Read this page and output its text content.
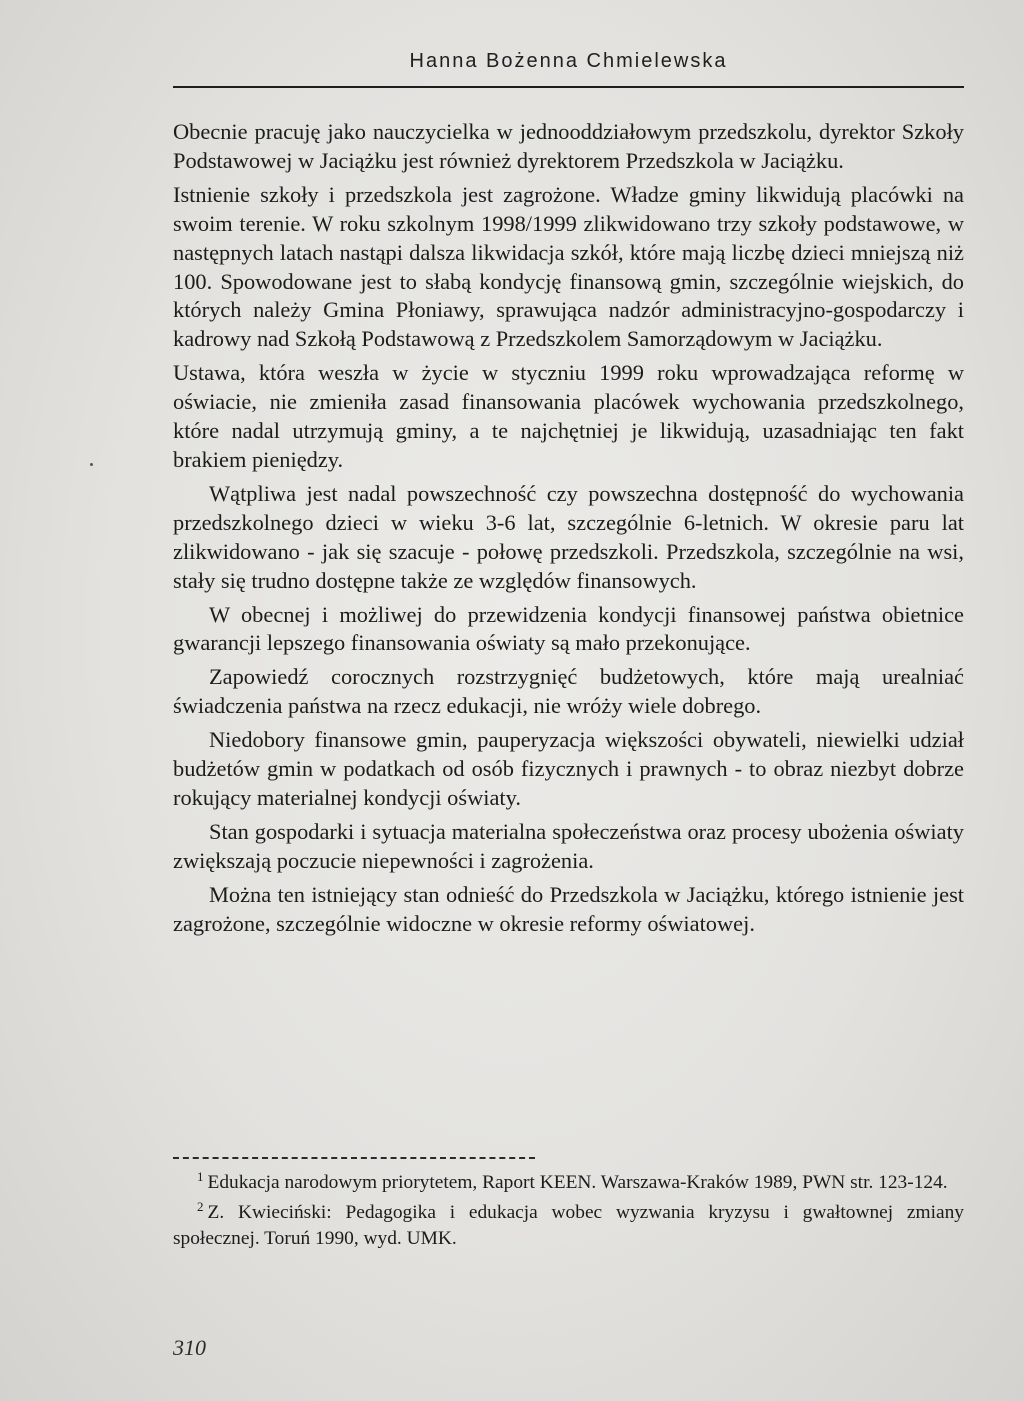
Hanna Bożenna Chmielewska

Obecnie pracuję jako nauczycielka w jednooddziałowym przedszkolu, dyrektor Szkoły Podstawowej w Jaciążku jest również dyrektorem Przedszkola w Jaciążku.

Istnienie szkoły i przedszkola jest zagrożone. Władze gminy likwidują placówki na swoim terenie. W roku szkolnym 1998/1999 zlikwidowano trzy szkoły podstawowe, w następnych latach nastąpi dalsza likwidacja szkół, które mają liczbę dzieci mniejszą niż 100. Spowodowane jest to słabą kondycję finansową gmin, szczególnie wiejskich, do których należy Gmina Płoniawy, sprawująca nadzór administracyjno-gospodarczy i kadrowy nad Szkołą Podstawową z Przedszkolem Samorządowym w Jaciążku.

Ustawa, która weszła w życie w styczniu 1999 roku wprowadzająca reformę w oświacie, nie zmieniła zasad finansowania placówek wychowania przedszkolnego, które nadal utrzymują gminy, a te najchętniej je likwidują, uzasadniając ten fakt brakiem pieniędzy.

Wątpliwa jest nadal powszechność czy powszechna dostępność do wychowania przedszkolnego dzieci w wieku 3-6 lat, szczególnie 6-letnich. W okresie paru lat zlikwidowano - jak się szacuje - połowę przedszkoli. Przedszkola, szczególnie na wsi, stały się trudno dostępne także ze względów finansowych.

W obecnej i możliwej do przewidzenia kondycji finansowej państwa obietnice gwarancji lepszego finansowania oświaty są mało przekonujące.

Zapowiedź corocznych rozstrzygnięć budżetowych, które mają urealniać świadczenia państwa na rzecz edukacji, nie wróży wiele dobrego.

Niedobory finansowe gmin, pauperyzacja większości obywateli, niewielki udział budżetów gmin w podatkach od osób fizycznych i prawnych - to obraz niezbyt dobrze rokujący materialnej kondycji oświaty.

Stan gospodarki i sytuacja materialna społeczeństwa oraz procesy ubożenia oświaty zwiększają poczucie niepewności i zagrożenia.

Można ten istniejący stan odnieść do Przedszkola w Jaciążku, którego istnienie jest zagrożone, szczególnie widoczne w okresie reformy oświatowej.

$^1$ Edukacja narodowym priorytetem, Raport KEEN. Warszawa-Kraków 1989, PWN str. 123-124.

$^2$ Z. Kwieciński: Pedagogika i edukacja wobec wyzwania kryzysu i gwałtownej zmiany społecznej. Toruń 1990, wyd. UMK.

310
